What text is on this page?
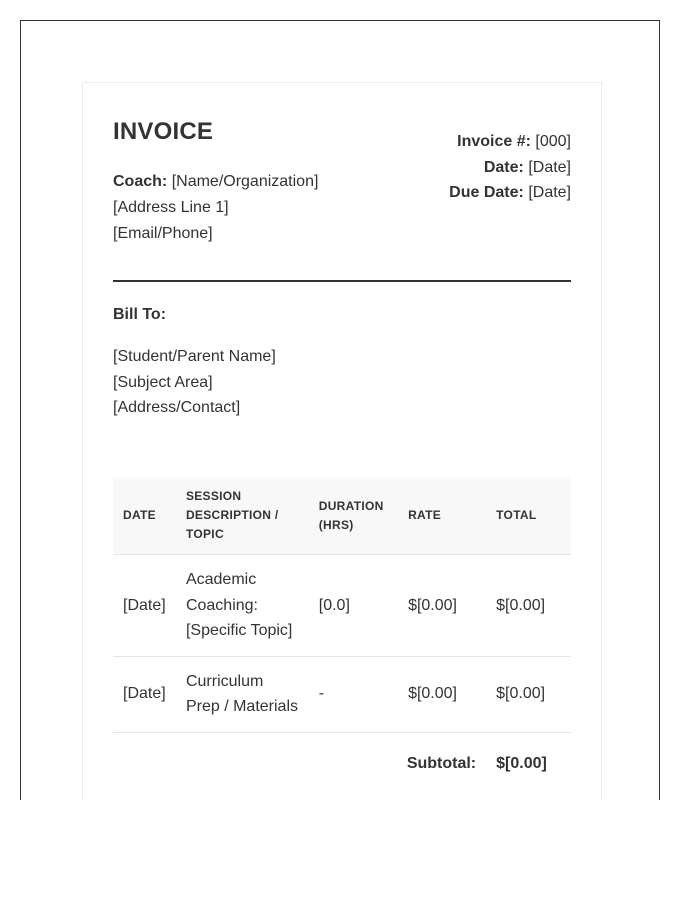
INVOICE
Coach: [Name/Organization]
[Address Line 1]
[Email/Phone]
Invoice #: [000]
Date: [Date]
Due Date: [Date]
Bill To:
[Student/Parent Name]
[Subject Area]
[Address/Contact]
DATE	SESSION DESCRIPTION / TOPIC	DURATION (HRS)	RATE	TOTAL
[Date]	Academic Coaching: [Specific Topic]	[0.0]	$[0.00]	$[0.00]
[Date]	Curriculum Prep / Materials	-	$[0.00]	$[0.00]
Subtotal:				$[0.00]
